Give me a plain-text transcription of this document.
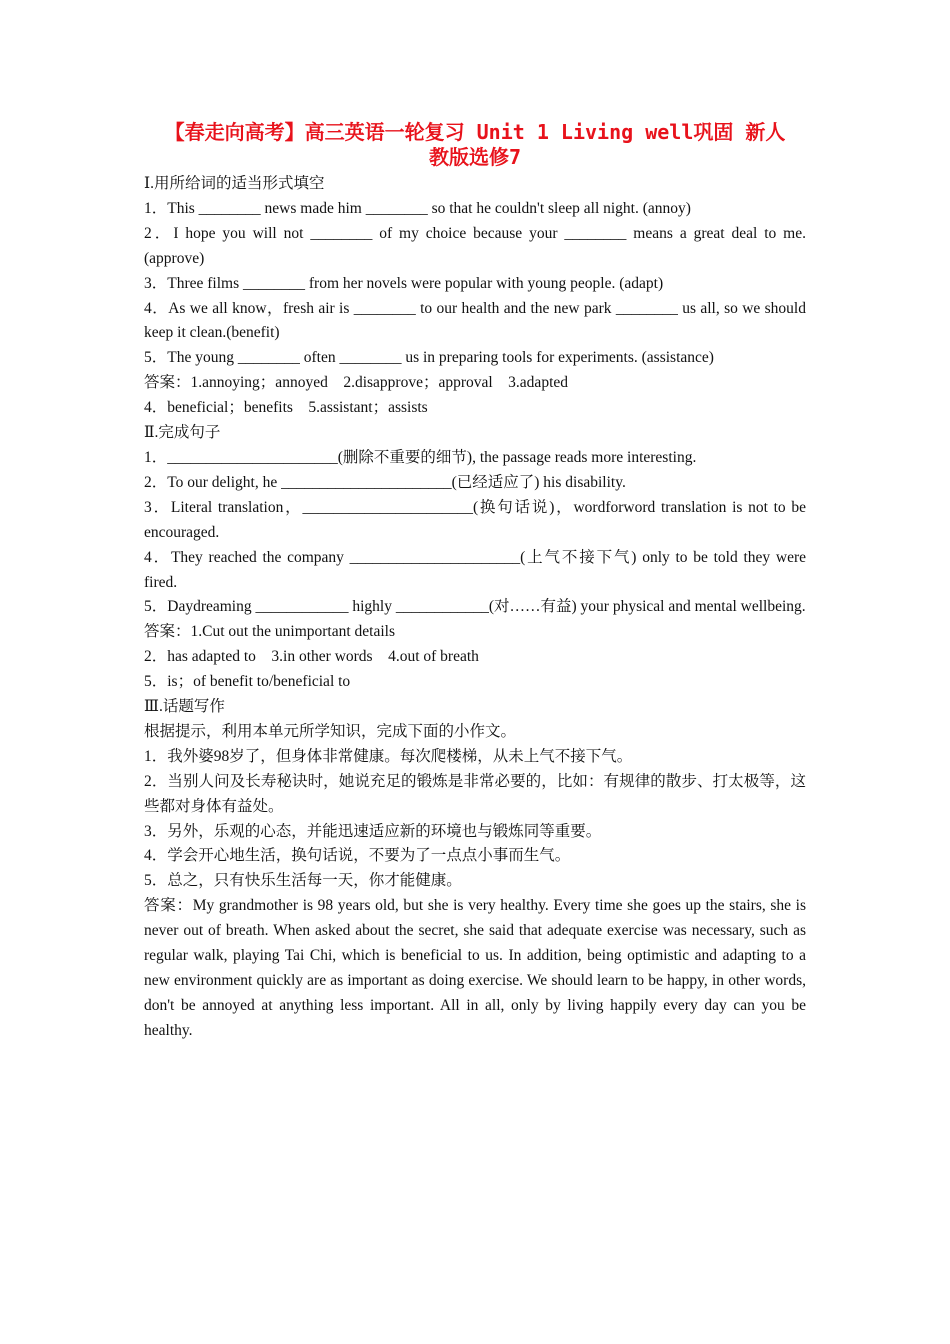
【春走向高考】高三英语一轮复习 Unit 1 Living well巩固 新人
教版选修7

Ⅰ.用所给词的适当形式填空

1．This ________ news made him ________ so that he couldn't sleep all night. (annoy)

2．I hope you will not ________ of my choice because your ________ means a great deal to me. (approve)

3．Three films ________ from her novels were popular with young people. (adapt)

4．As we all know，fresh air is ________ to our health and the new park ________ us all, so we should keep it clean.(benefit)

5．The young ________ often ________ us in preparing tools for experiments. (assistance)

答案：1.annoying；annoyed　2.disapprove；approval　3.adapted

4．beneficial；benefits　5.assistant；assists

Ⅱ.完成句子

1．______________________(删除不重要的细节), the passage reads more interesting.

2．To our delight, he ______________________(已经适应了) his disability.

3．Literal translation，______________________(换句话说)，wordforword translation is not to be encouraged.

4．They reached the company ______________________(上气不接下气) only to be told they were fired.

5．Daydreaming ____________ highly ____________(对……有益) your physical and mental wellbeing.

答案：1.Cut out the unimportant details

2．has adapted to　3.in other words　4.out of breath

5．is；of benefit to/beneficial to

Ⅲ.话题写作

根据提示，利用本单元所学知识，完成下面的小作文。

1．我外婆98岁了，但身体非常健康。每次爬楼梯，从未上气不接下气。

2．当别人问及长寿秘诀时，她说充足的锻炼是非常必要的，比如：有规律的散步、打太极等，这些都对身体有益处。

3．另外，乐观的心态，并能迅速适应新的环境也与锻炼同等重要。

4．学会开心地生活，换句话说，不要为了一点点小事而生气。

5．总之，只有快乐生活每一天，你才能健康。

答案：My grandmother is 98 years old, but she is very healthy. Every time she goes up the stairs, she is never out of breath. When asked about the secret, she said that adequate exercise was necessary, such as regular walk, playing Tai Chi, which is beneficial to us. In addition, being optimistic and adapting to a new environment quickly are as important as doing exercise. We should learn to be happy, in other words, don't be annoyed at anything less important. All in all, only by living happily every day can you be healthy.
